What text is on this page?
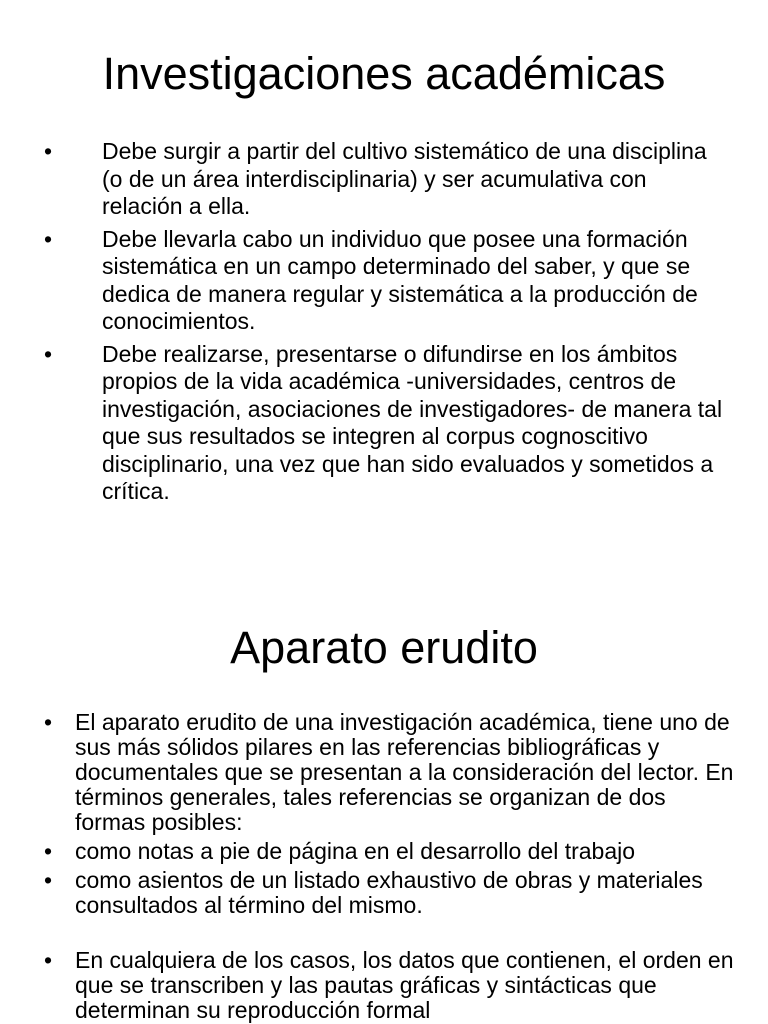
Investigaciones académicas
• Debe surgir a partir del cultivo sistemático de una disciplina (o de un área interdisciplinaria) y ser acumulativa con relación a ella.
• Debe llevarla cabo un individuo que posee una formación sistemática en un campo determinado del saber, y que se dedica de manera regular y sistemática a la producción de conocimientos.
• Debe realizarse, presentarse o difundirse en los ámbitos propios de la vida académica -universidades, centros de investigación, asociaciones de investigadores- de manera tal que sus resultados se integren al corpus cognoscitivo disciplinario, una vez que han sido evaluados y sometidos a crítica.
Aparato erudito
• El aparato erudito de una investigación académica, tiene uno de sus más sólidos pilares en las referencias bibliográficas y documentales que se presentan a la consideración del lector. En términos generales, tales referencias se organizan de dos formas posibles:
• como notas a pie de página en el desarrollo del trabajo
• como asientos de un listado exhaustivo de obras y materiales consultados al término del mismo.
• En cualquiera de los casos, los datos que contienen, el orden en que se transcriben y las pautas gráficas y sintácticas que determinan su reproducción formal
